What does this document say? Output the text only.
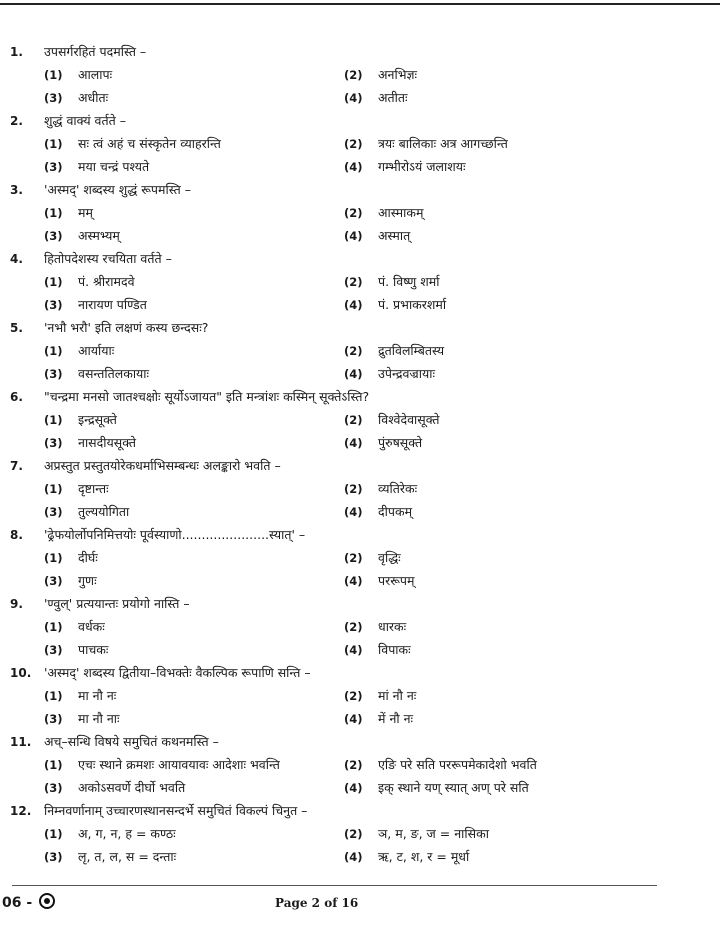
1.	उपसर्गरहितं पदमस्ति –
(1) आलापः	(2) अनभिज्ञः
(3) अधीतः	(4) अतीतः
2.	शुद्धं वाक्यं वर्तते –
(1) सः त्वं अहं च संस्कृतेन व्याहरन्ति	(2) त्रयः बालिकाः अत्र आगच्छन्ति
(3) मया चन्द्रं पश्यते	(4) गम्भीरोऽयं जलाशयः
3.	'अस्मद्' शब्दस्य शुद्धं रूपमस्ति –
(1) मम्	(2) आस्माकम्
(3) अस्मभ्यम्	(4) अस्मात्
4.	हितोपदेशस्य रचयिता वर्तते –
(1) पं. श्रीरामदवे	(2) पं. विष्णु शर्मा
(3) नारायण पण्डित	(4) पं. प्रभाकरशर्मा
5.	'नभौ भरौ' इति लक्षणं कस्य छन्दसः?
(1) आर्यायाः	(2) द्रुतविलम्बितस्य
(3) वसन्ततिलकायाः	(4) उपेन्द्रवज्रायाः
6.	"चन्द्रमा मनसो जातश्चक्षोः सूर्योऽजायत" इति मन्त्रांशः कस्मिन् सूक्तेऽस्ति?
(1) इन्द्रसूक्ते	(2) विश्वेदेवासूक्ते
(3) नासदीयसूक्ते	(4) पुंरुषसूक्ते
7.	अप्रस्तुत प्रस्तुतयोरेकधर्माभिसम्बन्धः अलङ्कारो भवति –
(1) दृष्टान्तः	(2) व्यतिरेकः
(3) तुल्ययोगिता	(4) दीपकम्
8.	'ढ्रेफयोर्लोपनिमित्तयोः पूर्वस्याणो......................स्यात्' –
(1) दीर्घः	(2) वृद्धिः
(3) गुणः	(4) पररूपम्
9.	'ण्वुल्' प्रत्ययान्तः प्रयोगो नास्ति –
(1) वर्धकः	(2) धारकः
(3) पाचकः	(4) विपाकः
10.	'अस्मद्' शब्दस्य द्वितीया–विभक्तेः वैकल्पिक रूपाणि सन्ति –
(1) मा नौ नः	(2) मां नौ नः
(3) मा नौ नाः	(4) में नौ नः
11.	अच्–सन्धि विषये समुचितं कथनमस्ति –
(1) एचः स्थाने क्रमशः आयावयावः आदेशाः भवन्ति	(2) एङि परे सति पररूपमेकादेशो भवति
(3) अकोऽसवर्णे दीर्घो भवति	(4) इक् स्थाने यण् स्यात् अण् परे सति
12.	निम्नवर्णानाम् उच्चारणस्थानसन्दर्भे समुचितं विकल्पं चिनुत –
(1) अ, ग, न, ह = कण्ठः	(2) ञ, म, ङ, ज = नासिका
(3) लृ, त, ल, स = दन्ताः	(4) ऋ, ट, श, र = मूर्धा
06 -	Page 2 of 16
